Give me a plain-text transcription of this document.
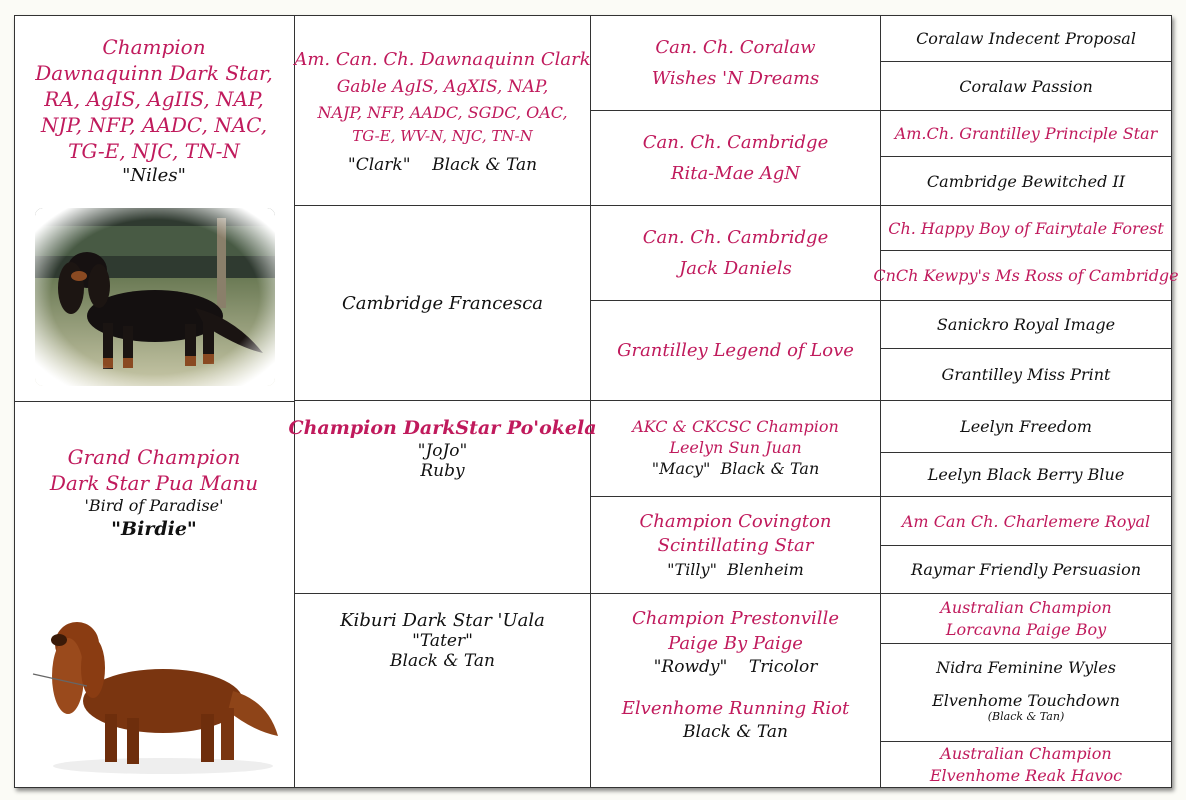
Champion
Dawnaquinn Dark Star,
RA, AgIS, AgIIS, NAP,
NJP, NFP, AADC, NAC,
TG-E, NJC, TN-N
"Niles"
Grand Champion
Dark Star Pua Manu
'Bird of Paradise'
"Birdie"
Am. Can. Ch. Dawnaquinn Clark
Gable AgIS, AgXIS, NAP,
NAJP, NFP, AADC, SGDC, OAC,
TG-E, WV-N, NJC, TN-N
"Clark"    Black & Tan
Cambridge Francesca
Champion DarkStar Po'okela
"JoJo"
Ruby
Kiburi Dark Star 'Uala
"Tater"
Black & Tan
Can. Ch. Coralaw
Wishes 'N Dreams
Can. Ch. Cambridge
Rita-Mae AgN
Can. Ch. Cambridge
Jack Daniels
Grantilley Legend of Love
AKC & CKCSC Champion
Leelyn Sun Juan
"Macy"  Black & Tan
Champion Covington
Scintillating Star
"Tilly"  Blenheim
Champion Prestonville
Paige By Paige
"Rowdy"    Tricolor
Elvenhome Running Riot
Black & Tan
Coralaw Indecent Proposal
Coralaw Passion
Am.Ch. Grantilley Principle Star
Cambridge Bewitched II
Ch. Happy Boy of Fairytale Forest
CnCh Kewpy's Ms Ross of Cambridge
Sanickro Royal Image
Grantilley Miss Print
Leelyn Freedom
Leelyn Black Berry Blue
Am Can Ch. Charlemere Royal
Raymar Friendly Persuasion
Australian Champion
Lorcavna Paige Boy
Nidra Feminine Wyles
Elvenhome Touchdown
(Black & Tan)
Australian Champion
Elvenhome Reak Havoc
